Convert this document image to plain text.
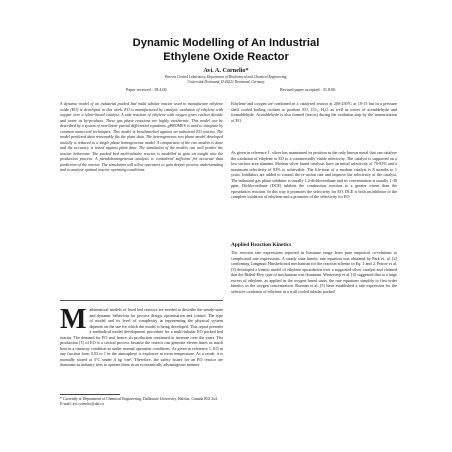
Dynamic Modelling of An Industrial
Ethylene Oxide Reactor
Avi. A. Cornelio*
Process Control Laboratory, Department of Biochemical and Chemical Engineering,
Universität Dortmund, D-44221 Dortmund, Germany
Paper received : 18.4.06	Revised paper accepted : 31.8.06

A dynamic model of an industrial packed bed multi tubular reactor used to manufacture ethylene oxide (EO) is developed in this work. EO is manufactured by catalytic oxidation of ethylene with oxygen over a silver-based catalyst. A side reaction of ethylene with oxygen gives carbon dioxide and water as by-products. These gas phase reactions are highly exothermic. This model can be described by a system of non-linear partial differential equations. gPROMS® is used to integrate by common numerical techniques. This model is benchmarked against an industrial EO reactor. The model predicted data reasonably fits the plant data. The heterogeneous two phase model developed initially is reduced to a single phase homogeneous model. A comparison of the two models is done and the accuracy is tested against plant data. The simulation of the models can well predict the reactor behaviour. The packed bed multi-tubular reactor is modelled to gain an insight into the production process. A pseudohomogeneous analysis is considered sufficient for accurate data prediction of the reactor. The simulation will allow operators to gain deeper process understanding and to analyse optimal reactor operating conditions.

M athematical models of fixed bed reactors are needed to describe the steady-state and dynamic behaviour for process design, optimisation and control. The type of model and its level of complexity in representing the physical system depends on the use for which the model is being developed. This report presents a methodical model development procedure for a multi-tubular EO packed bed reactor. The demand for EO and, hence, its production continued to increase over the years. The production [1] of EO is a critical process because the reactor can generate eleven times as much heat in a runaway condition as under normal operation conditions. As given in reference 1, EO in any fraction from 0.03 to 1 in the atmosphere is explosive at room temperature. As a result, it is normally stored at 5°C under 4 kg /cm². Therefore, the safety issues for an EO reactor are dominant as industry tries to operate them in an economically advantageous manner.

* Currently at Department of Chemical Engineering, Dalhousie University, Halifax, Canada B3J 2x4

E-mail: avi.cornelio@dal.ca

Ethylene and oxygen are combined in a catalysed reactor at 200-250°C at 10-15 bar in a pressure shell cooled boiling coolant to produce EO, CO₂, H₂O as well as traces of acetaldehyde and formaldehyde. Acetaldehyde is also formed (traces) during the oxidation step by the isomerization of EO.

As given in reference 1, silver has maintained its position as the only known metal that can catalyse the oxidation of ethylene to EO to a commercially viable selectivity. The catalyst is supported on a low surface area alumina. Modern silver based catalysts have an initial selectivity of 79-81% and a maximum selectivity of 83% is achievable. The life-time of a modern catalyst is 8 months to 1 years. Inhibitors are added to control the re-action rate and improve the selectivity of the catalyst. The industrial gas phase inhibitor is usually 1,2-dichloroethane and its concentration is usually 1-30 ppm. Dichloroethane (DCE) inhibits the combustion reaction to a greater extent than the epoxidation reaction. In this way it promotes the selectivity for EO. DCE is both an inhibitor of the complete oxidation of ethylene and a promoter of the selectivity for EO.

Applied Reaction Kinetics

The reaction rate expressions reported in literature range from pure empirical co-relations to complicated rate expressions. A steady state kinetic rate equation was obtained by Park et. al. [2] confirming Langmuir Hinshelwood mechanism for the reaction scheme in Eq. 1 and 2. Petrov et al.[3] developed a kinetic model of ethylene epoxidation over a supported silver catalyst and claimed that the Rideal-Eley type of mechanism was dominant. Westerterp et al. [4] suggested that at a large excess of ethylene, as applied in the oxygen based units, the rate equations simplify to first order kinetics in the oxygen concentration. Borman et al. [5] have established a rate expression for the selective oxidation of ethylene in a wall cooled tubular packed
